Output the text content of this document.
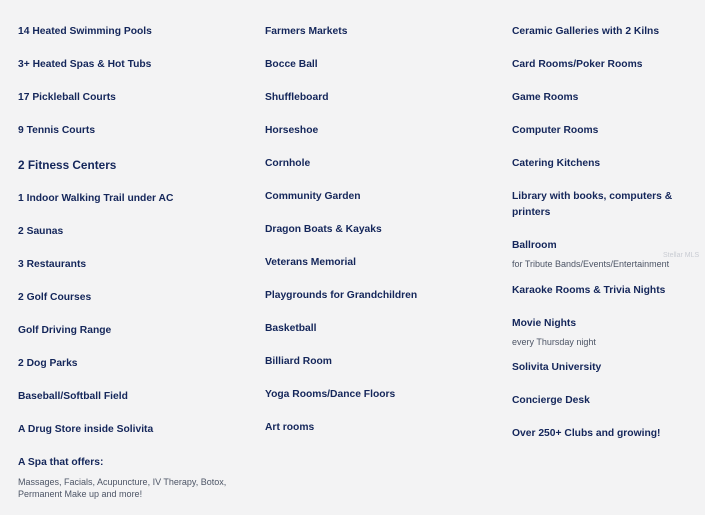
14 Heated Swimming Pools
3+ Heated Spas & Hot Tubs
17 Pickleball Courts
9 Tennis Courts
2 Fitness Centers
1 Indoor Walking Trail under AC
2 Saunas
3 Restaurants
2 Golf Courses
Golf Driving Range
2 Dog Parks
Baseball/Softball Field
A Drug Store inside Solivita
A Spa that offers:
Massages, Facials, Acupuncture, IV Therapy, Botox, Permanent Make up and more!
Farmers Markets
Bocce Ball
Shuffleboard
Horseshoe
Cornhole
Community Garden
Dragon Boats & Kayaks
Veterans Memorial
Playgrounds for Grandchildren
Basketball
Billiard Room
Yoga Rooms/Dance Floors
Art rooms
Ceramic Galleries with 2 Kilns
Card Rooms/Poker Rooms
Game Rooms
Computer Rooms
Catering Kitchens
Library with books, computers & printers
Ballroom
for Tribute Bands/Events/Entertainment
Karaoke Rooms & Trivia Nights
Movie Nights
every Thursday night
Solivita University
Concierge Desk
Over 250+ Clubs and growing!
Stellar MLS
